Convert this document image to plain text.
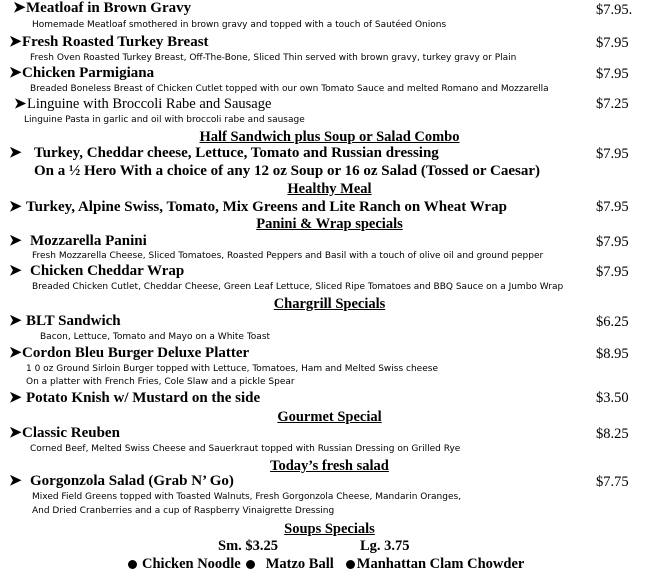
➤Meatloaf in Brown Gravy	$7.95.
Homemade Meatloaf smothered in brown gravy and topped with a touch of Sautéed Onions
➤Fresh Roasted Turkey Breast	$7.95
Fresh Oven Roasted Turkey Breast, Off-The-Bone, Sliced Thin served with brown gravy, turkey gravy or Plain
➤Chicken Parmigiana	$7.95
Breaded Boneless Breast of Chicken Cutlet topped with our own Tomato Sauce and melted Romano and Mozzarella
➤Linguine with Broccoli Rabe and Sausage	$7.25
Linguine Pasta in garlic and oil with broccoli rabe and sausage
Half Sandwich plus Soup or Salad Combo
➤ Turkey, Cheddar cheese, Lettuce, Tomato and Russian dressing	$7.95
On a ½ Hero With a choice of any 12 oz Soup or 16 oz Salad (Tossed or Caesar)
Healthy Meal
➤ Turkey, Alpine Swiss, Tomato, Mix Greens and Lite Ranch on Wheat Wrap	$7.95
Panini & Wrap specials
➤ Mozzarella Panini	$7.95
Fresh Mozzarella Cheese, Sliced Tomatoes, Roasted Peppers and Basil with a touch of olive oil and ground pepper
➤ Chicken Cheddar Wrap	$7.95
Breaded Chicken Cutlet, Cheddar Cheese, Green Leaf Lettuce, Sliced Ripe Tomatoes and BBQ Sauce on a Jumbo Wrap
Chargrill Specials
➤ BLT Sandwich	$6.25
Bacon, Lettuce, Tomato and Mayo on a White Toast
➤Cordon Bleu Burger Deluxe Platter	$8.95
1 0 oz Ground Sirloin Burger topped with Lettuce, Tomatoes, Ham and Melted Swiss cheese
On a platter with French Fries, Cole Slaw and a pickle Spear
➤ Potato Knish w/ Mustard on the side	$3.50
Gourmet Special
➤Classic Reuben	$8.25
Corned Beef, Melted Swiss Cheese and Sauerkraut topped with Russian Dressing on Grilled Rye
Today’s fresh salad
➤ Gorgonzola Salad (Grab N’ Go)	$7.75
Mixed Field Greens topped with Toasted Walnuts, Fresh Gorgonzola Cheese, Mandarin Oranges,
And Dried Cranberries and a cup of Raspberry Vinaigrette Dressing
Soups Specials
Sm. $3.25	Lg. 3.75
Chicken Noodle Matzo Ball Manhattan Clam Chowder
